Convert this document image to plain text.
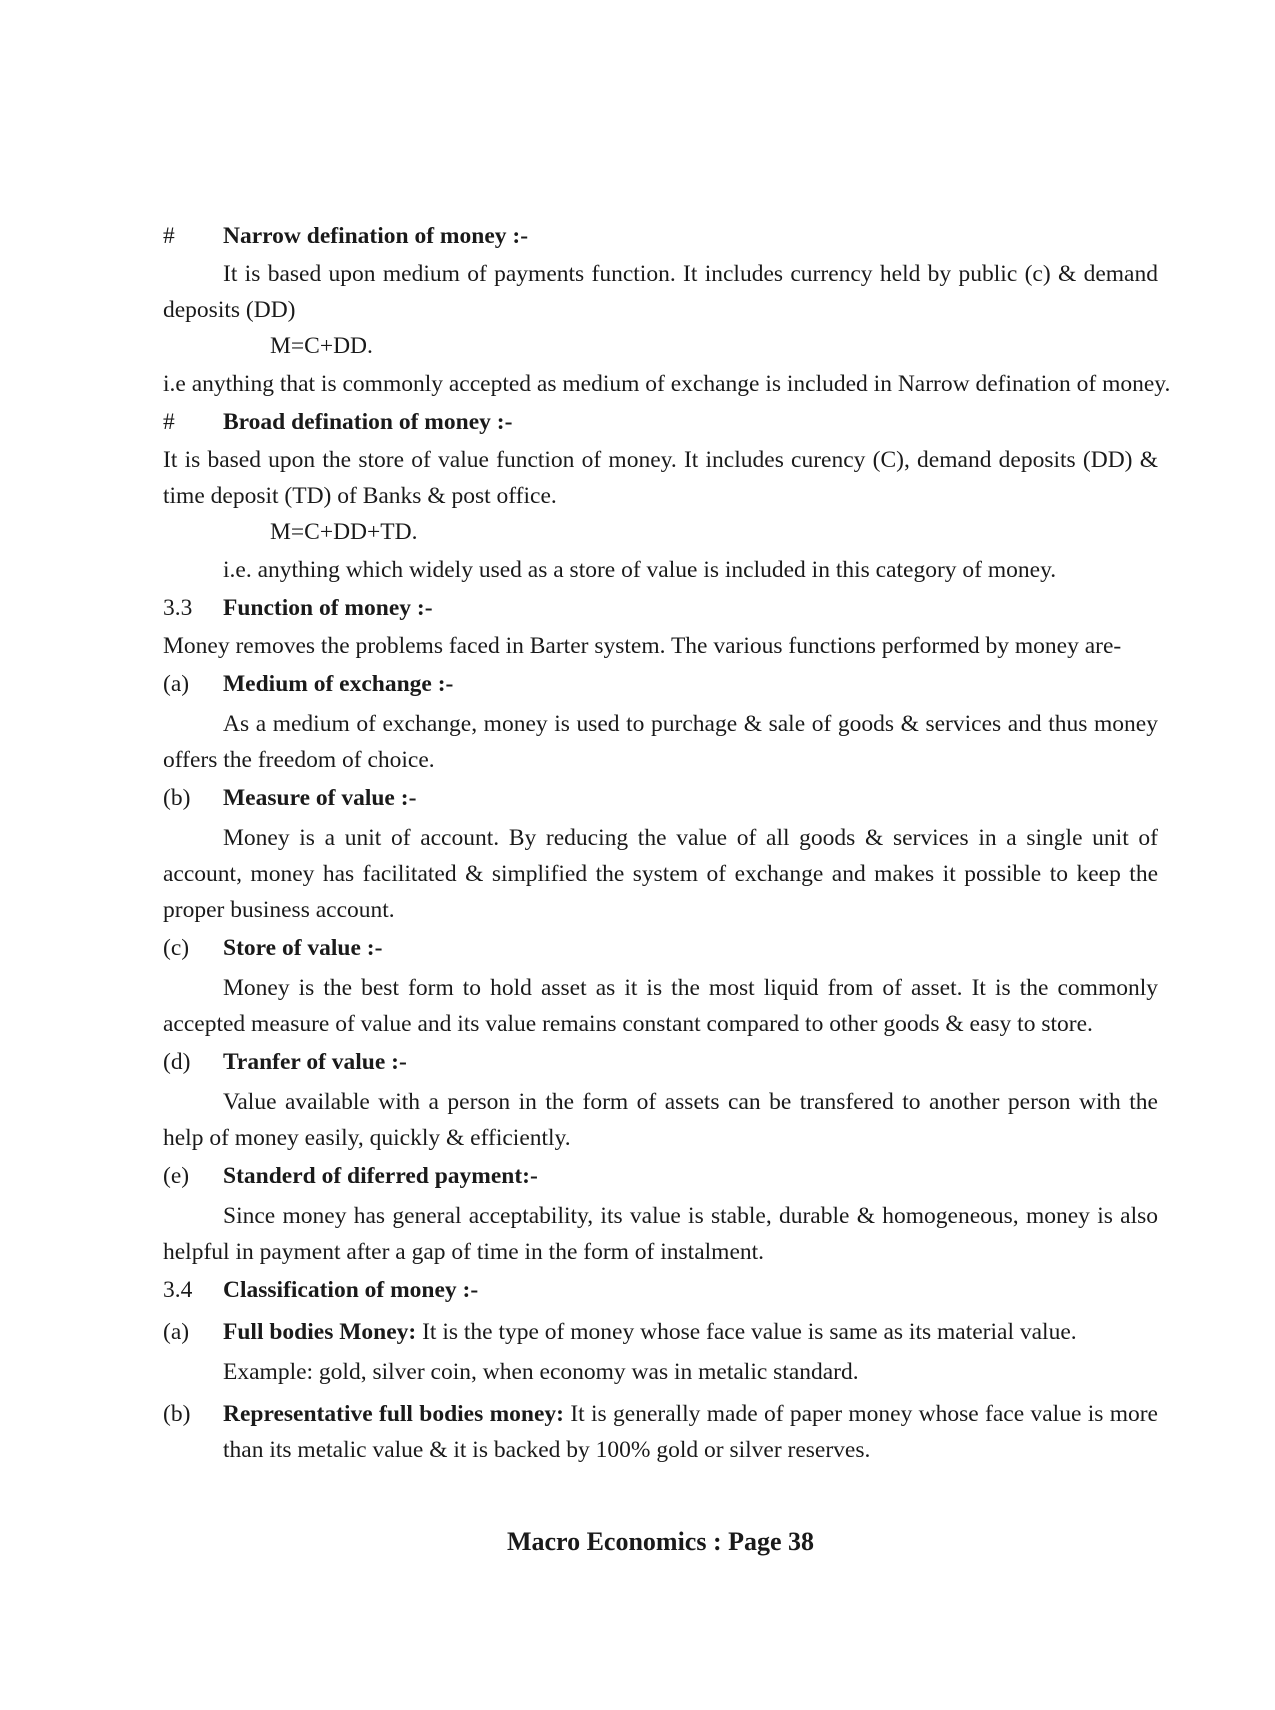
# Narrow defination of money :-
It is based upon medium of payments function. It includes currency held by public (c) & demand deposits (DD)
M=C+DD.
i.e anything that is commonly accepted as medium of exchange is included in Narrow defination of money.
# Broad defination of money :-
It is based upon the store of value function of money. It includes curency (C), demand deposits (DD) & time deposit (TD) of Banks & post office.
M=C+DD+TD.
i.e. anything which widely used as a store of value is included in this category of money.
3.3 Function of money :-
Money removes the problems faced in Barter system. The various functions performed by money are-
(a) Medium of exchange :-
As a medium of exchange, money is used to purchage & sale of goods & services and thus money offers the freedom of choice.
(b) Measure of value :-
Money is a unit of account. By reducing the value of all goods & services in a single unit of account, money has facilitated & simplified the system of exchange and makes it possible to keep the proper business account.
(c) Store of value :-
Money is the best form to hold asset as it is the most liquid from of asset. It is the commonly accepted measure of value and its value remains constant compared to other goods & easy to store.
(d) Tranfer of value :-
Value available with a person in the form of assets can be transfered to another person with the help of money easily, quickly & efficiently.
(e) Standerd of diferred payment:-
Since money has general acceptability, its value is stable, durable & homogeneous, money is also helpful in payment after a gap of time in the form of instalment.
3.4 Classification of money :-
(a) Full bodies Money: It is the type of money whose face value is same as its material value.
Example: gold, silver coin, when economy was in metalic standard.
(b) Representative full bodies money: It is generally made of paper money whose face value is more than its metalic value & it is backed by 100% gold or silver reserves.
Macro Economics : Page 38
